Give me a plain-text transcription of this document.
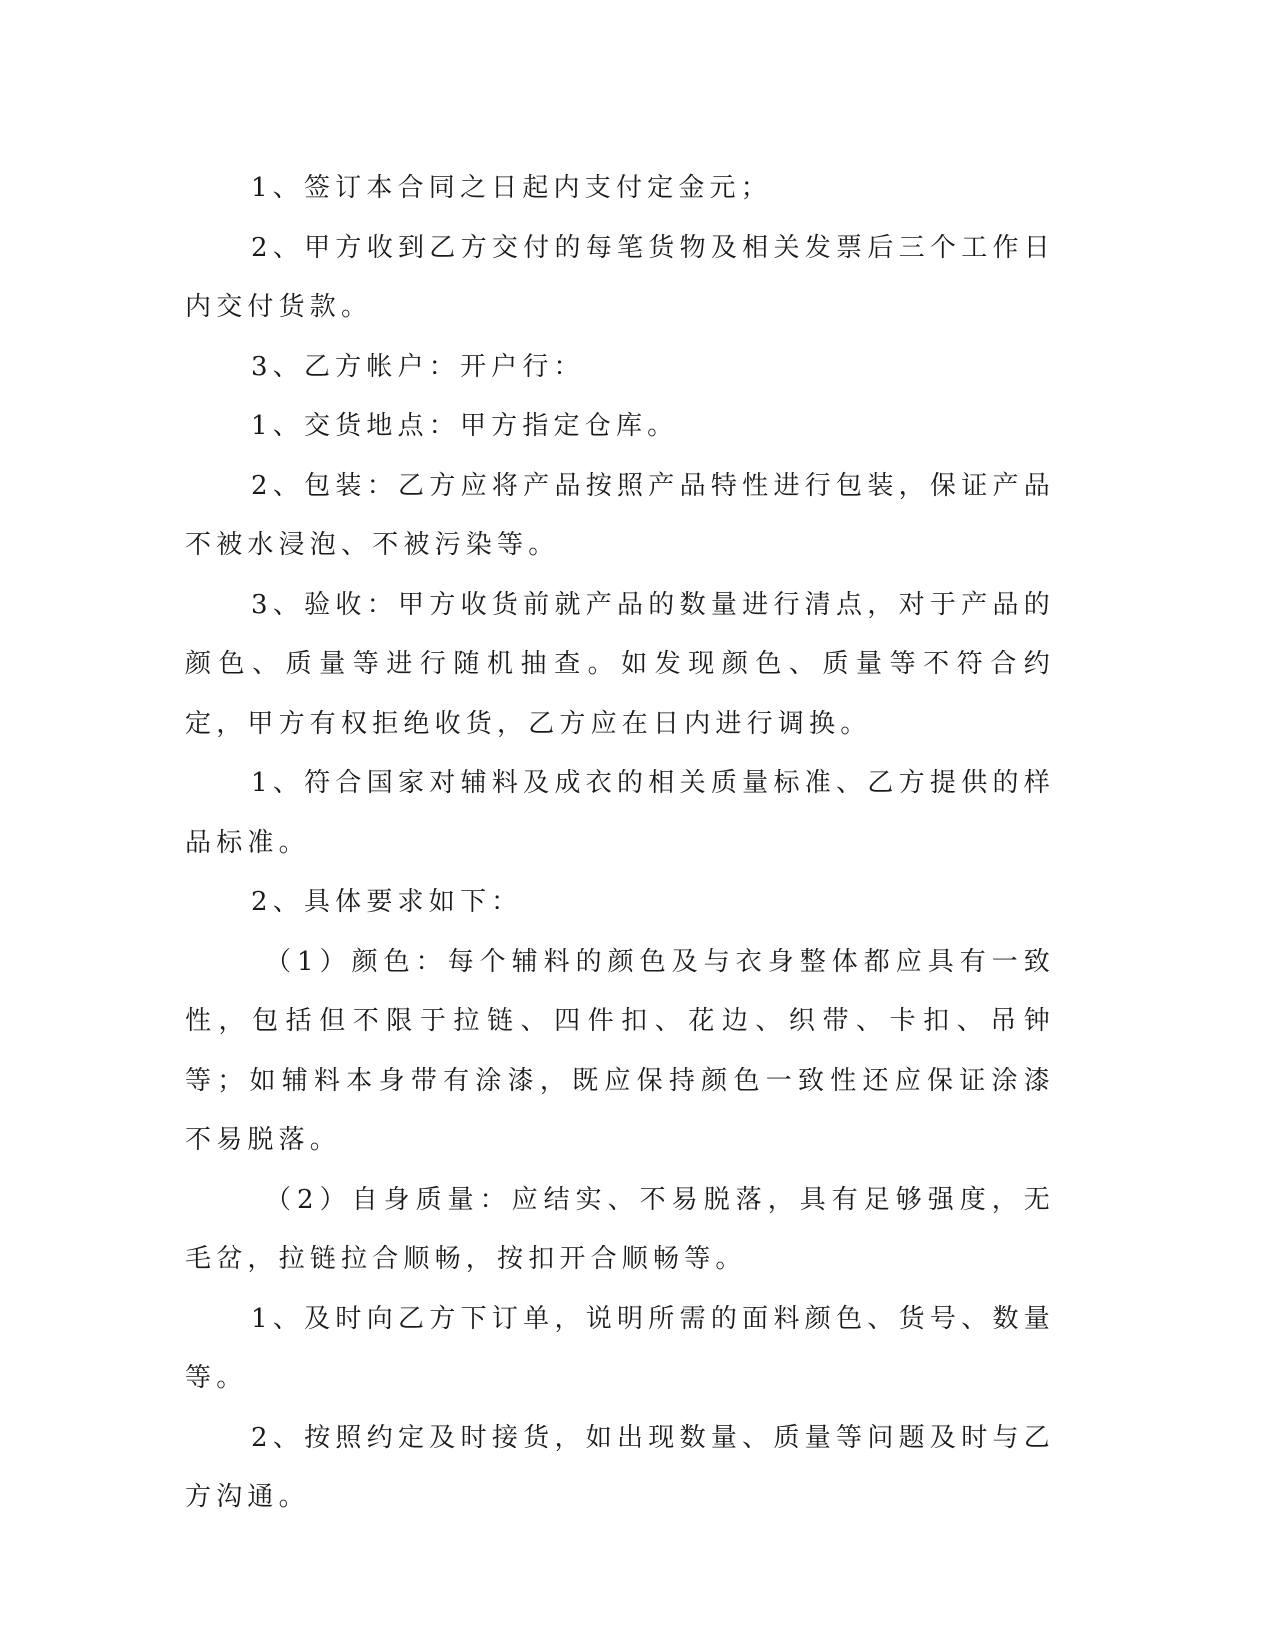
1、签订本合同之日起内支付定金元；

2、甲方收到乙方交付的每笔货物及相关发票后三个工作日内交付货款。

3、乙方帐户：开户行：

1、交货地点：甲方指定仓库。

2、包装：乙方应将产品按照产品特性进行包装，保证产品不被水浸泡、不被污染等。

3、验收：甲方收货前就产品的数量进行清点，对于产品的颜色、质量等进行随机抽查。如发现颜色、质量等不符合约定，甲方有权拒绝收货，乙方应在日内进行调换。

1、符合国家对辅料及成衣的相关质量标准、乙方提供的样品标准。

2、具体要求如下：

（1）颜色：每个辅料的颜色及与衣身整体都应具有一致性，包括但不限于拉链、四件扣、花边、织带、卡扣、吊钟等；如辅料本身带有涂漆，既应保持颜色一致性还应保证涂漆不易脱落。

（2）自身质量：应结实、不易脱落，具有足够强度，无毛岔，拉链拉合顺畅，按扣开合顺畅等。

1、及时向乙方下订单，说明所需的面料颜色、货号、数量等。

2、按照约定及时接货，如出现数量、质量等问题及时与乙方沟通。
